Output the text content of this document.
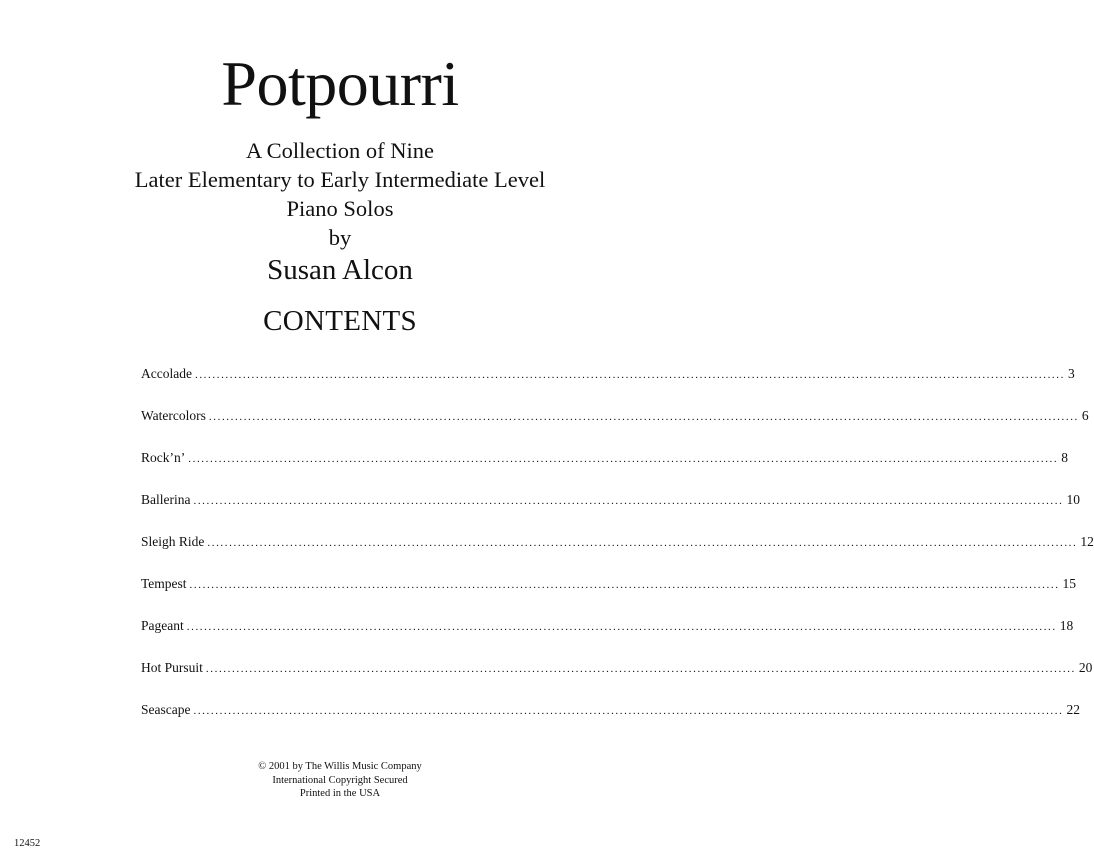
Potpourri
A Collection of Nine
Later Elementary to Early Intermediate Level
Piano Solos
by
Susan Alcon
CONTENTS
Accolade ........................................................................................................................................................................................................ 3
Watercolors ........................................................................................................................................................................................................ 6
Rock’n’ ........................................................................................................................................................................................................ 8
Ballerina ........................................................................................................................................................................................................ 10
Sleigh Ride ........................................................................................................................................................................................................ 12
Tempest ........................................................................................................................................................................................................ 15
Pageant ........................................................................................................................................................................................................ 18
Hot Pursuit ........................................................................................................................................................................................................ 20
Seascape ........................................................................................................................................................................................................ 22
© 2001 by The Willis Music Company
International Copyright Secured
Printed in the USA
12452
